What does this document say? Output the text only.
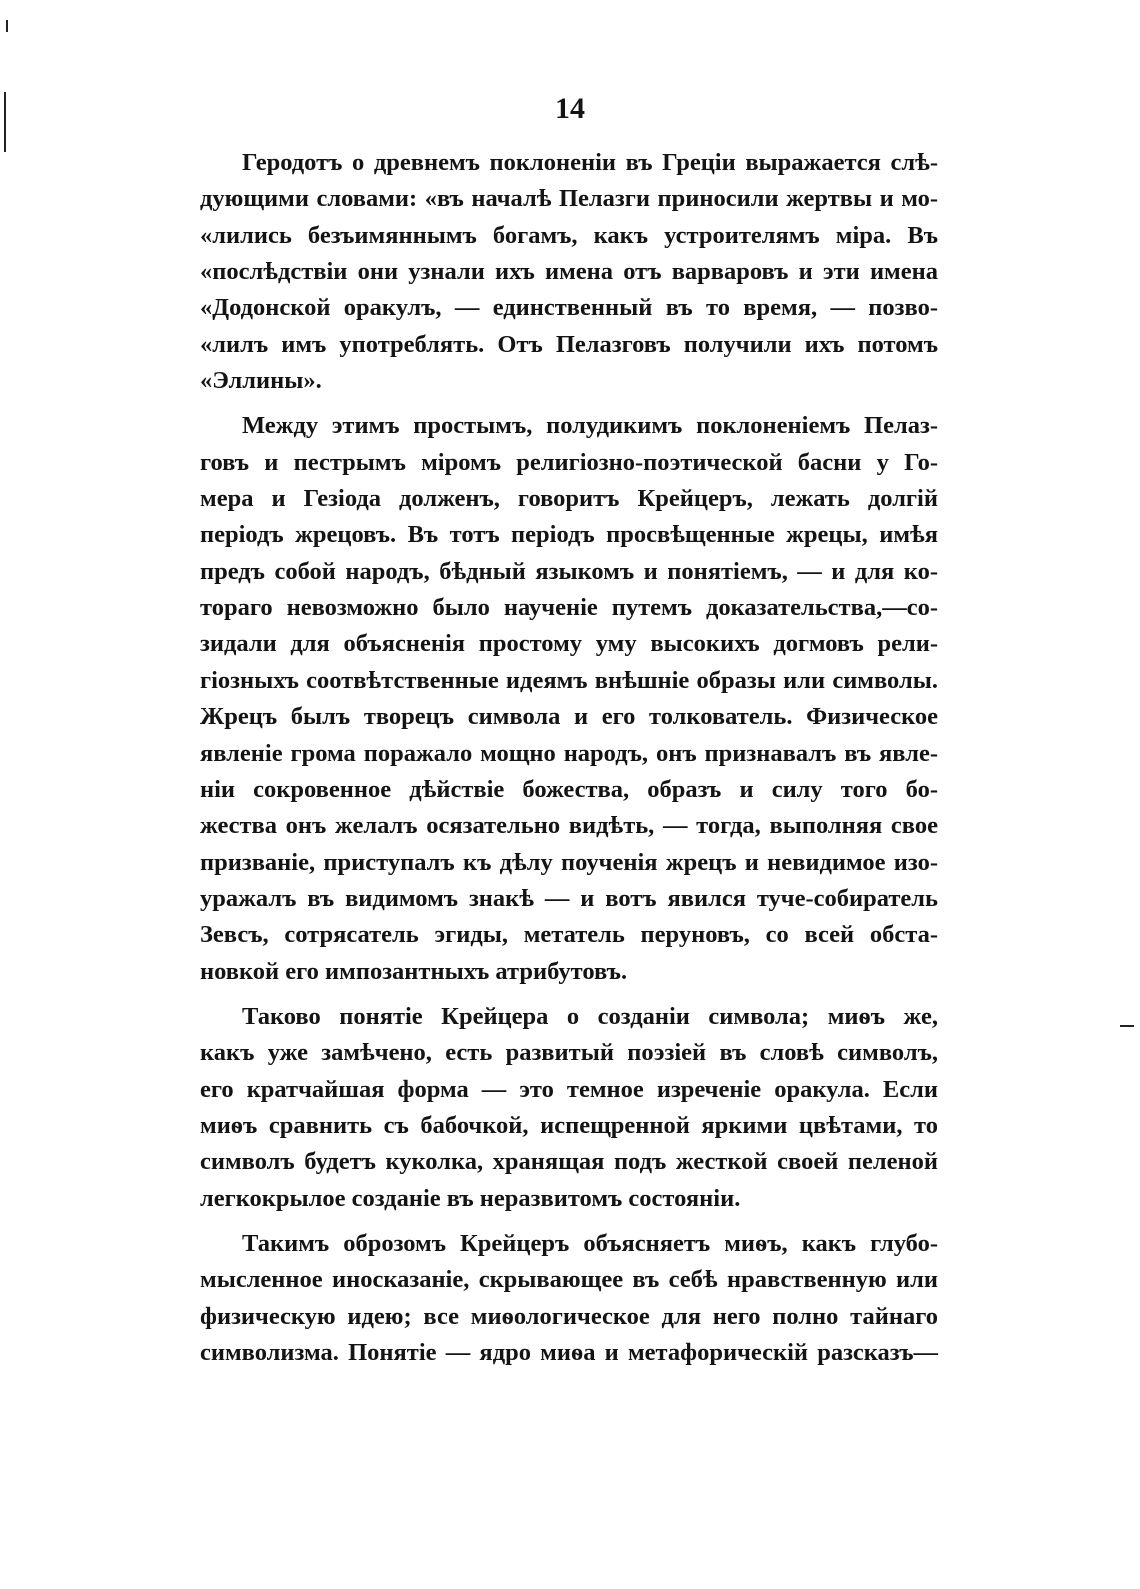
14
Геродотъ о древнемъ поклоненіи въ Греціи выражается слѣ-
дующими словами: «въ началѣ Пелазги приносили жертвы и мо-
«лились безъимяннымъ богамъ, какъ устроителямъ міра. Въ
«послѣдствіи они узнали ихъ имена отъ варваровъ и эти имена
«Додонской оракулъ, — единственный въ то время, — позво-
«лилъ имъ употреблять. Отъ Пелазговъ получили ихъ потомъ
«Эллины».
Между этимъ простымъ, полудикимъ поклоненіемъ Пелаз-
говъ и пестрымъ міромъ религіозно-поэтической басни у Го-
мера и Гезіода долженъ, говоритъ Крейцеръ, лежать долгій
періодъ жрецовъ. Въ тотъ періодъ просвѣщенные жрецы, имѣя
предъ собой народъ, бѣдный языкомъ и понятіемъ, — и для ко-
тораго невозможно было наученіе путемъ доказательства,—со-
зидали для объясненія простому уму высокихъ догмовъ рели-
гіозныхъ соотвѣтственные идеямъ внѣшніе образы или символы.
Жрецъ былъ творецъ символа и его толкователь. Физическое
явленіе грома поражало мощно народъ, онъ признавалъ въ явле-
ніи сокровенное дѣйствіе божества, образъ и силу того бо-
жества онъ желалъ осязательно видѣть, — тогда, выполняя свое
призваніе, приступалъ къ дѣлу поученія жрецъ и невидимое изо-
уражалъ въ видимомъ знакѣ — и вотъ явился туче-собиратель
Зевсъ, сотрясатель эгиды, метатель перуновъ, со всей обста-
новкой его импозантныхъ атрибутовъ.
Таково понятіе Крейцера о созданіи символа; миѳъ же,
какъ уже замѣчено, есть развитый поэзіей въ словѣ символъ,
его кратчайшая форма — это темное изреченіе оракула. Если
миѳъ сравнить съ бабочкой, испещренной яркими цвѣтами, то
символъ будетъ куколка, хранящая подъ жесткой своей пеленой
легкокрылое созданіе въ неразвитомъ состояніи.
Такимъ оброзомъ Крейцеръ объясняетъ миѳъ, какъ глубо-
мысленное иносказаніе, скрывающее въ себѣ нравственную или
физическую идею; все миѳологическое для него полно тайнаго
символизма. Понятіе — ядро миѳа и метафорическій разсказъ—
